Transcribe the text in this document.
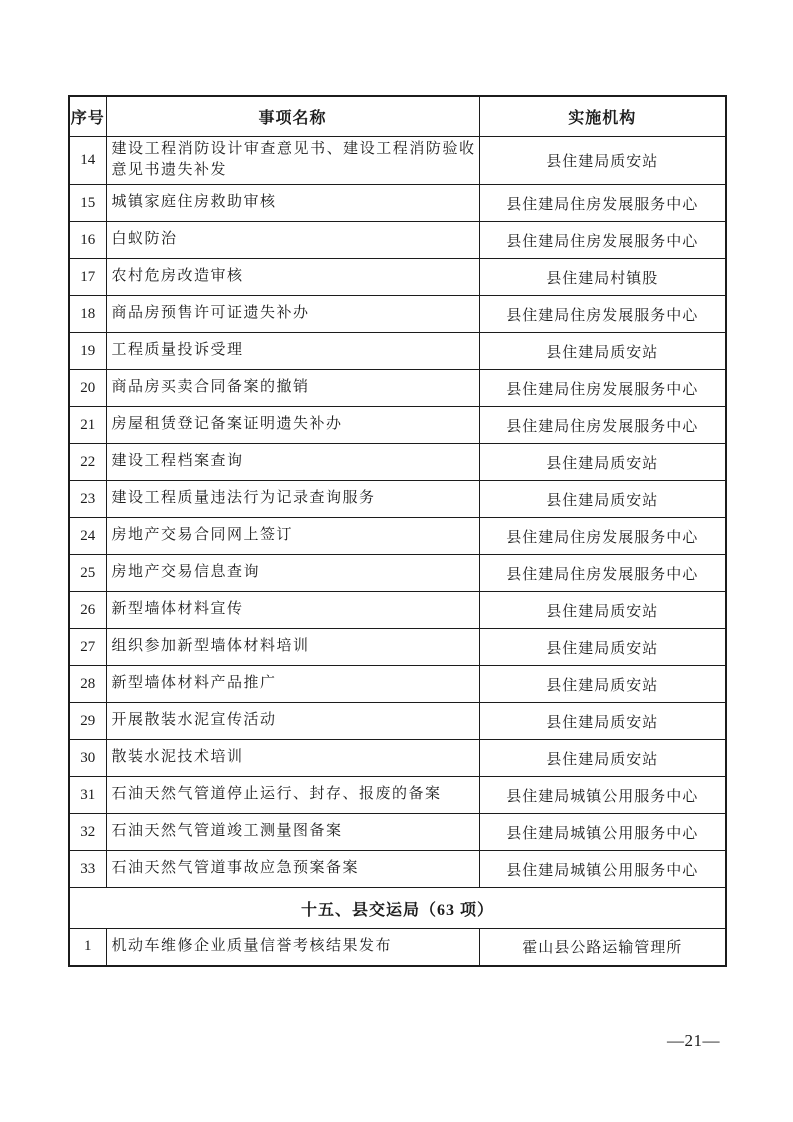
序号	事项名称	实施机构
14	建设工程消防设计审查意见书、建设工程消防验收意见书遗失补发	县住建局质安站
15	城镇家庭住房救助审核	县住建局住房发展服务中心
16	白蚁防治	县住建局住房发展服务中心
17	农村危房改造审核	县住建局村镇股
18	商品房预售许可证遗失补办	县住建局住房发展服务中心
19	工程质量投诉受理	县住建局质安站
20	商品房买卖合同备案的撤销	县住建局住房发展服务中心
21	房屋租赁登记备案证明遗失补办	县住建局住房发展服务中心
22	建设工程档案查询	县住建局质安站
23	建设工程质量违法行为记录查询服务	县住建局质安站
24	房地产交易合同网上签订	县住建局住房发展服务中心
25	房地产交易信息查询	县住建局住房发展服务中心
26	新型墙体材料宣传	县住建局质安站
27	组织参加新型墙体材料培训	县住建局质安站
28	新型墙体材料产品推广	县住建局质安站
29	开展散装水泥宣传活动	县住建局质安站
30	散装水泥技术培训	县住建局质安站
31	石油天然气管道停止运行、封存、报废的备案	县住建局城镇公用服务中心
32	石油天然气管道竣工测量图备案	县住建局城镇公用服务中心
33	石油天然气管道事故应急预案备案	县住建局城镇公用服务中心
十五、县交运局（63 项）		
1	机动车维修企业质量信誉考核结果发布	霍山县公路运输管理所
—21—
